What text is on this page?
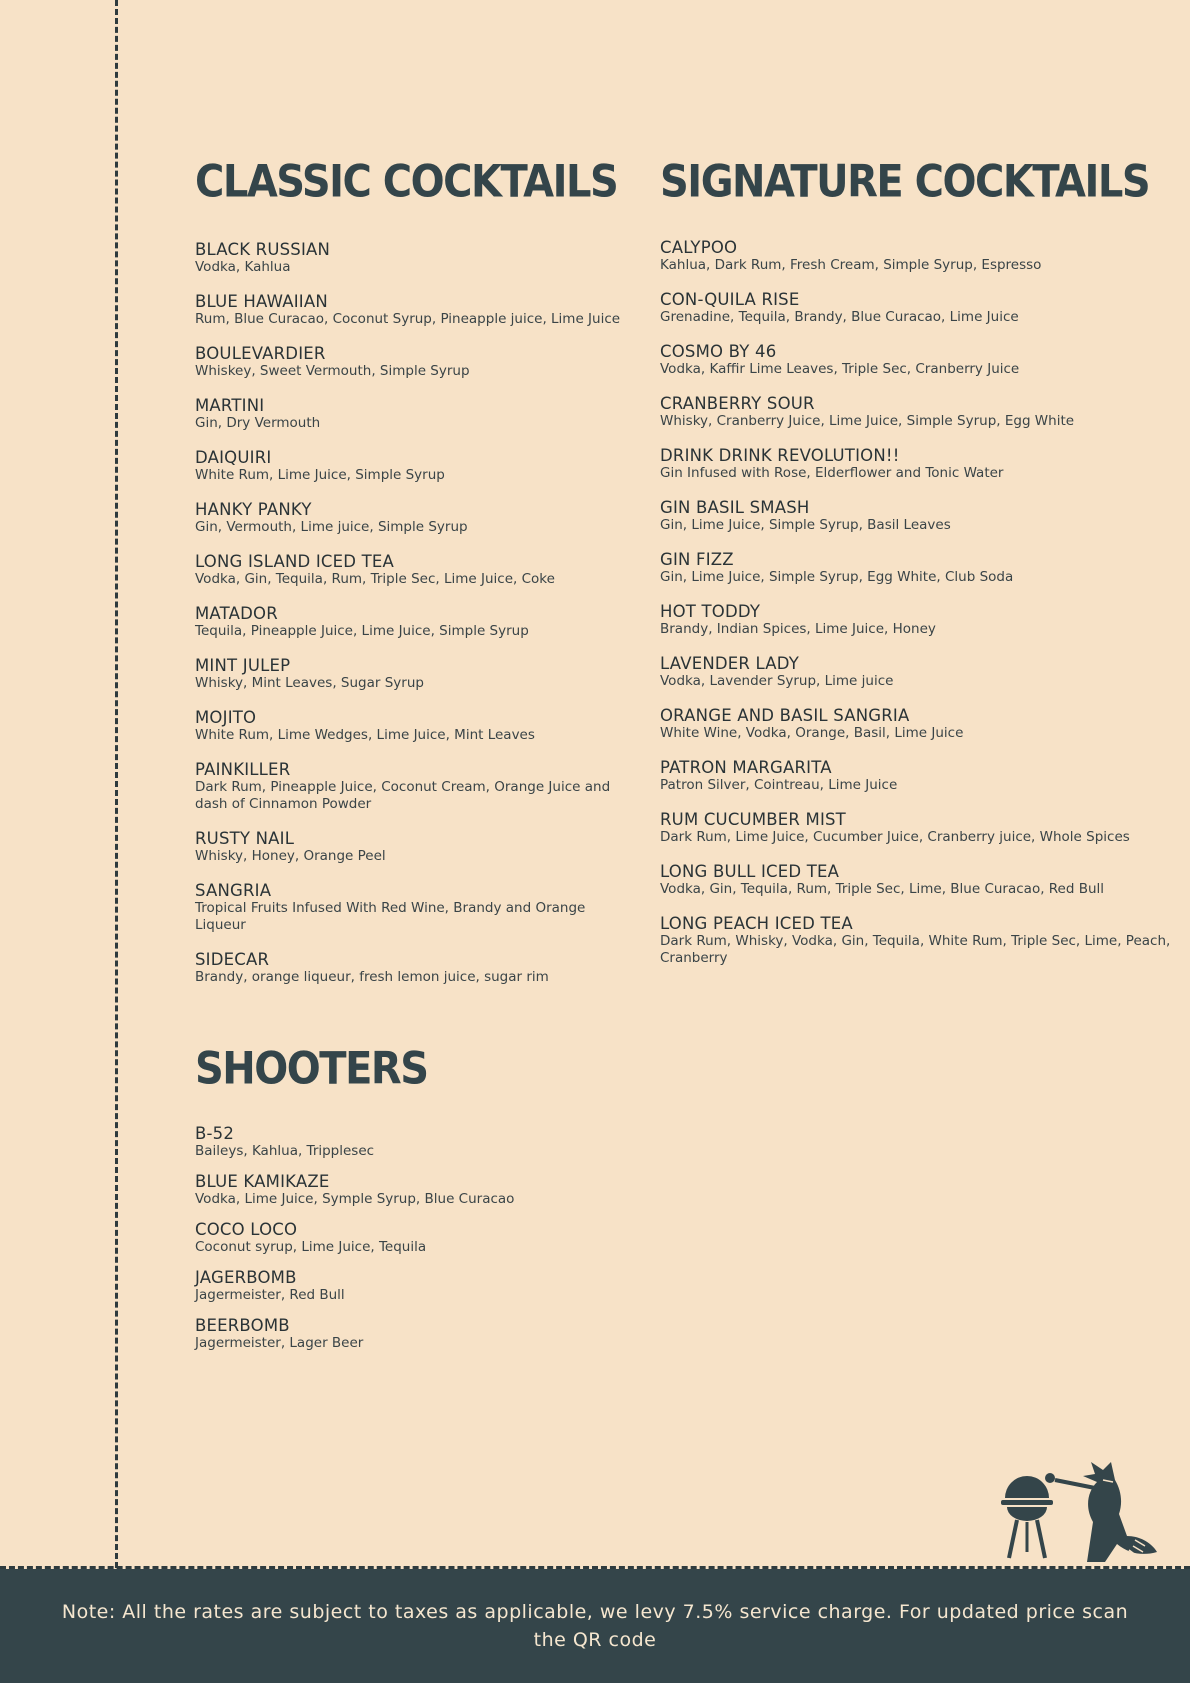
CLASSIC COCKTAILS
BLACK RUSSIAN
Vodka, Kahlua
BLUE HAWAIIAN
Rum, Blue Curacao, Coconut Syrup, Pineapple juice, Lime Juice
BOULEVARDIER
Whiskey, Sweet Vermouth, Simple Syrup
MARTINI
Gin, Dry Vermouth
DAIQUIRI
White Rum, Lime Juice, Simple Syrup
HANKY PANKY
Gin, Vermouth, Lime juice, Simple Syrup
LONG ISLAND ICED TEA
Vodka, Gin, Tequila, Rum, Triple Sec, Lime Juice, Coke
MATADOR
Tequila, Pineapple Juice, Lime Juice, Simple Syrup
MINT JULEP
Whisky, Mint Leaves, Sugar Syrup
MOJITO
White Rum, Lime Wedges, Lime Juice, Mint Leaves
PAINKILLER
Dark Rum, Pineapple Juice, Coconut Cream, Orange Juice and dash of Cinnamon Powder
RUSTY NAIL
Whisky, Honey, Orange Peel
SANGRIA
Tropical Fruits Infused With Red Wine, Brandy and Orange Liqueur
SIDECAR
Brandy, orange liqueur, fresh lemon juice, sugar rim
SHOOTERS
B-52
Baileys, Kahlua, Tripplesec
BLUE KAMIKAZE
Vodka, Lime Juice, Symple Syrup, Blue Curacao
COCO LOCO
Coconut syrup, Lime Juice, Tequila
JAGERBOMB
Jagermeister, Red Bull
BEERBOMB
Jagermeister, Lager Beer
SIGNATURE COCKTAILS
CALYPOO
Kahlua, Dark Rum, Fresh Cream, Simple Syrup, Espresso
CON-QUILA RISE
Grenadine, Tequila, Brandy, Blue Curacao, Lime Juice
COSMO BY 46
Vodka, Kaffir Lime Leaves, Triple Sec, Cranberry Juice
CRANBERRY SOUR
Whisky, Cranberry Juice, Lime Juice, Simple Syrup, Egg White
DRINK DRINK REVOLUTION!!
Gin Infused with Rose, Elderflower and Tonic Water
GIN BASIL SMASH
Gin, Lime Juice, Simple Syrup, Basil Leaves
GIN FIZZ
Gin, Lime Juice, Simple Syrup, Egg White, Club Soda
HOT TODDY
Brandy, Indian Spices, Lime Juice, Honey
LAVENDER LADY
Vodka, Lavender Syrup, Lime juice
ORANGE AND BASIL SANGRIA
White Wine, Vodka, Orange, Basil, Lime Juice
PATRON MARGARITA
Patron Silver, Cointreau, Lime Juice
RUM CUCUMBER MIST
Dark Rum, Lime Juice, Cucumber Juice, Cranberry juice, Whole Spices
LONG BULL ICED TEA
Vodka, Gin, Tequila, Rum, Triple Sec, Lime, Blue Curacao, Red Bull
LONG PEACH ICED TEA
Dark Rum, Whisky, Vodka, Gin, Tequila, White Rum, Triple Sec, Lime, Peach, Cranberry
Note: All the rates are subject to taxes as applicable, we levy 7.5% service charge. For updated price scan the QR code
